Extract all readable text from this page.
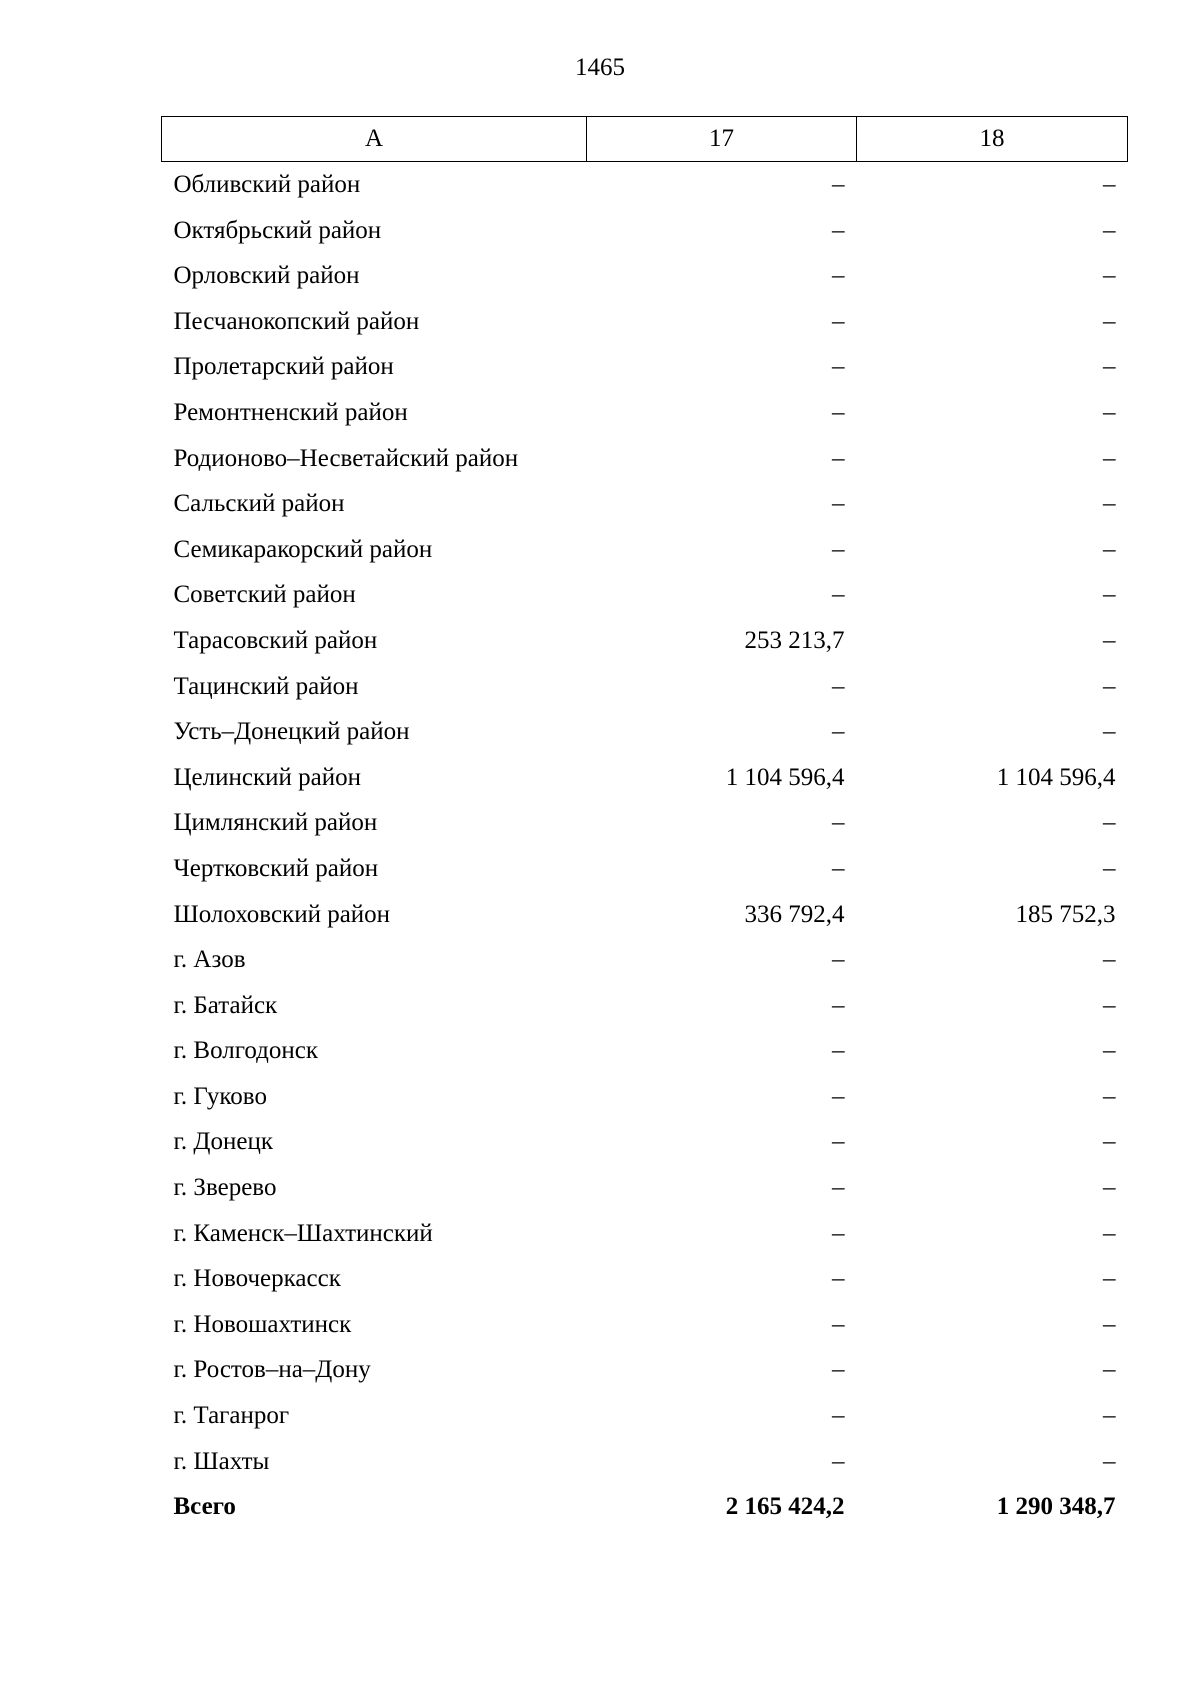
1465
А	17	18
Обливский район	–	–
Октябрьский район	–	–
Орловский район	–	–
Песчанокопский район	–	–
Пролетарский район	–	–
Ремонтненский район	–	–
Родионово–Несветайский район	–	–
Сальский район	–	–
Семикаракорский район	–	–
Советский район	–	–
Тарасовский район	253 213,7	–
Тацинский район	–	–
Усть–Донецкий район	–	–
Целинский район	1 104 596,4	1 104 596,4
Цимлянский район	–	–
Чертковский район	–	–
Шолоховский район	336 792,4	185 752,3
г. Азов	–	–
г. Батайск	–	–
г. Волгодонск	–	–
г. Гуково	–	–
г. Донецк	–	–
г. Зверево	–	–
г. Каменск–Шахтинский	–	–
г. Новочеркасск	–	–
г. Новошахтинск	–	–
г. Ростов–на–Дону	–	–
г. Таганрог	–	–
г. Шахты	–	–
Всего	2 165 424,2	1 290 348,7
